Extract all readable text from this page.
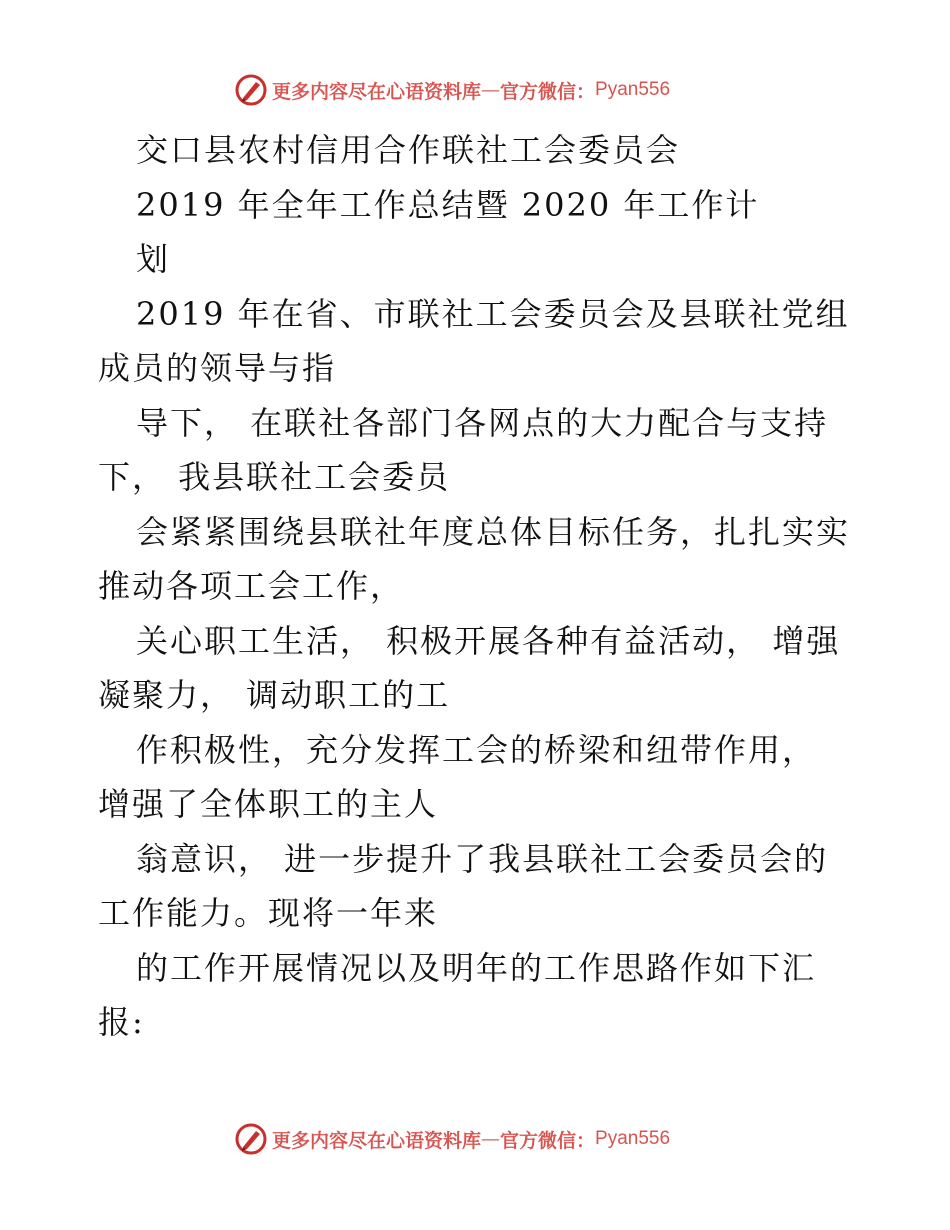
更多内容尽在心语资料库 — 官方微信： Pyan556
交口县农村信用合作联社工会委员会
2019 年全年工作总结暨 2020 年工作计
划
2019 年在省、市联社工会委员会及县联社党组
成员的领导与指
导下， 在联社各部门各网点的大力配合与支持
下， 我县联社工会委员
会紧紧围绕县联社年度总体目标任务，扎扎实实
推动各项工会工作，
关心职工生活， 积极开展各种有益活动， 增强
凝聚力， 调动职工的工
作积极性，充分发挥工会的桥梁和纽带作用，
增强了全体职工的主人
翁意识， 进一步提升了我县联社工会委员会的
工作能力。现将一年来
的工作开展情况以及明年的工作思路作如下汇
报:
更多内容尽在心语资料库 — 官方微信： Pyan556
